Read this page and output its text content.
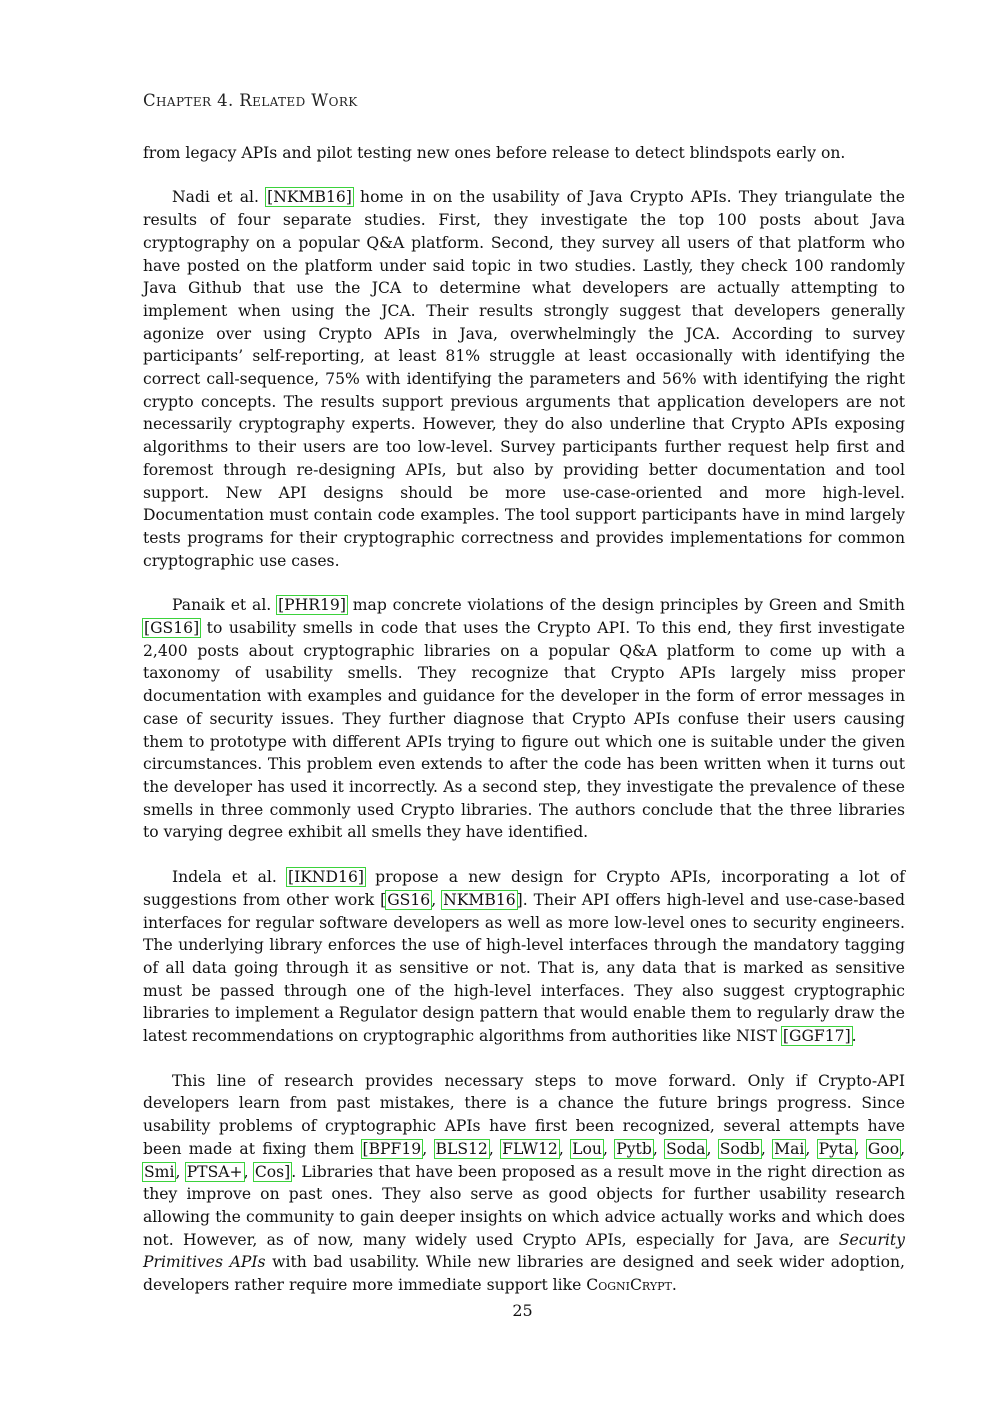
Chapter 4. Related Work

from legacy APIs and pilot testing new ones before release to detect blindspots early on.

Nadi et al. [NKMB16] home in on the usability of Java Crypto APIs. They triangulate the results of four separate studies. First, they investigate the top 100 posts about Java cryptography on a popular Q&A platform. Second, they survey all users of that platform who have posted on the platform under said topic in two studies. Lastly, they check 100 randomly Java Github that use the JCA to determine what developers are actually attempting to implement when using the JCA. Their results strongly suggest that developers generally agonize over using Crypto APIs in Java, overwhelmingly the JCA. According to survey participants’ self-reporting, at least 81% struggle at least occasionally with identifying the correct call-sequence, 75% with identifying the parameters and 56% with identifying the right crypto concepts. The results support previous arguments that application developers are not necessarily cryptography experts. However, they do also underline that Crypto APIs exposing algorithms to their users are too low-level. Survey participants further request help first and foremost through re-designing APIs, but also by providing better documentation and tool support. New API designs should be more use-case-oriented and more high-level. Documentation must contain code examples. The tool support participants have in mind largely tests programs for their cryptographic correctness and provides implementations for common cryptographic use cases.

Panaik et al. [PHR19] map concrete violations of the design principles by Green and Smith [GS16] to usability smells in code that uses the Crypto API. To this end, they first investigate 2,400 posts about cryptographic libraries on a popular Q&A platform to come up with a taxonomy of usability smells. They recognize that Crypto APIs largely miss proper documentation with examples and guidance for the developer in the form of error messages in case of security issues. They further diagnose that Crypto APIs confuse their users causing them to prototype with different APIs trying to figure out which one is suitable under the given circumstances. This problem even extends to after the code has been written when it turns out the developer has used it incorrectly. As a second step, they investigate the prevalence of these smells in three commonly used Crypto libraries. The authors conclude that the three libraries to varying degree exhibit all smells they have identified.

Indela et al. [IKND16] propose a new design for Crypto APIs, incorporating a lot of suggestions from other work [GS16, NKMB16]. Their API offers high-level and use-case-based interfaces for regular software developers as well as more low-level ones to security engineers. The underlying library enforces the use of high-level interfaces through the mandatory tagging of all data going through it as sensitive or not. That is, any data that is marked as sensitive must be passed through one of the high-level interfaces. They also suggest cryptographic libraries to implement a Regulator design pattern that would enable them to regularly draw the latest recommendations on cryptographic algorithms from authorities like NIST [GGF17].

This line of research provides necessary steps to move forward. Only if Crypto-API developers learn from past mistakes, there is a chance the future brings progress. Since usability problems of cryptographic APIs have first been recognized, several attempts have been made at fixing them [BPF19, BLS12, FLW12, Lou, Pytb, Soda, Sodb, Mai, Pyta, Goo, Smi, PTSA+, Cos]. Libraries that have been proposed as a result move in the right direction as they improve on past ones. They also serve as good objects for further usability research allowing the community to gain deeper insights on which advice actually works and which does not. However, as of now, many widely used Crypto APIs, especially for Java, are Security Primitives APIs with bad usability. While new libraries are designed and seek wider adoption, developers rather require more immediate support like CogniCrypt.

25
